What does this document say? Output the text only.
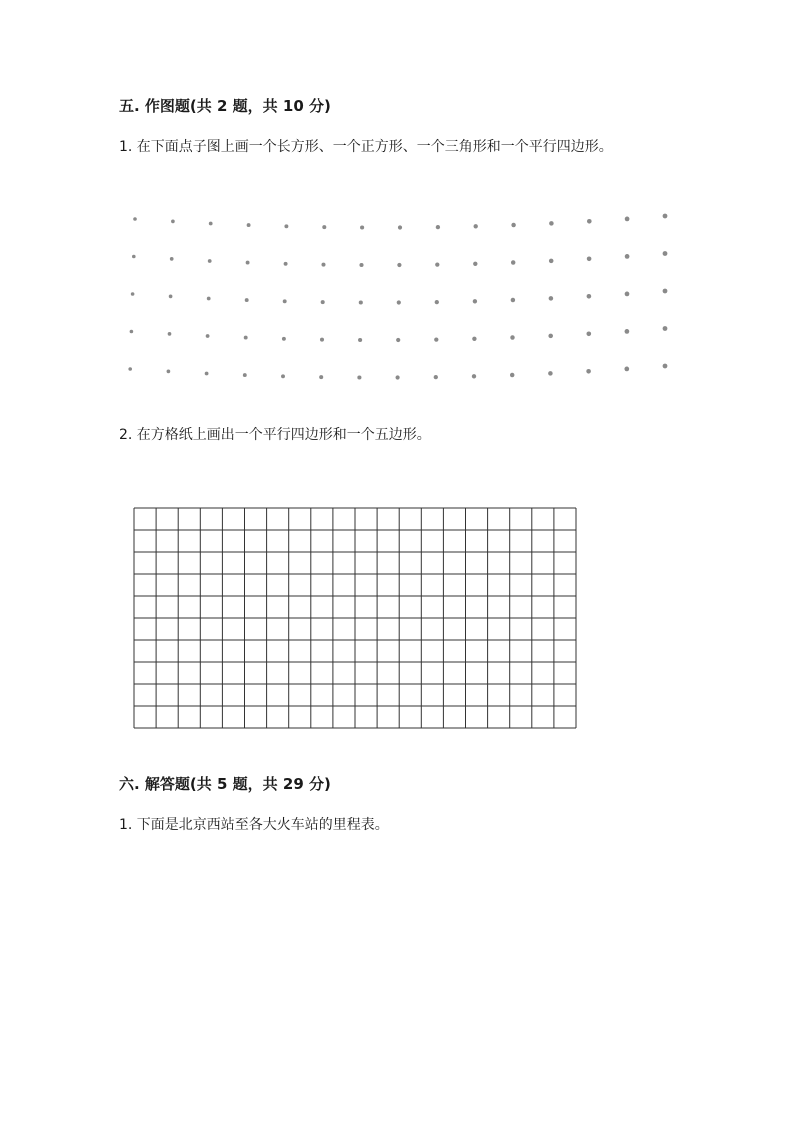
五. 作图题(共 2 题，共 10 分)
1. 在下面点子图上画一个长方形、一个正方形、一个三角形和一个平行四边形。
2. 在方格纸上画出一个平行四边形和一个五边形。
六. 解答题(共 5 题，共 29 分)
1. 下面是北京西站至各大火车站的里程表。
